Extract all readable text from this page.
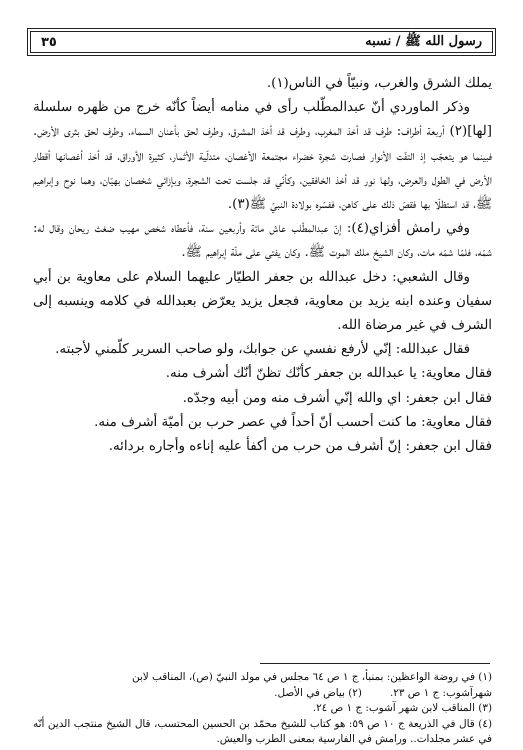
رسول الله ﷺ / نسبه
٣٥

يملك الشرق والغرب، ونبيّاً في الناس(١).

وذكر الماوردي أنّ عبدالمطّلب رأى في منامه أيضاً كأنّه خرج من ظهره سلسلة [لها](٢) أربعة أطراف: طرف قد أخذ المغرب، وطرف قد أخذ المشرق، وطرف لحق بأعنان السماء، وطرف لحق بثرى الأرض. فبينما هو يتعجّب إذ التفّت الأنوار فصارت شجرة خضراء مجتمعة الأغصان، متدلّية الأثمار، كثيرة الأوراق، قد أخذ أغصانها أقطار الأرض في الطول والعرض، ولها نور قد أخذ الخافقين، وكأنّي قد جلست تحت الشجرة، وبإزائي شخصان بهيّان، وهما نوح وإبراهيم ﷺ، قد استظلّا بها فقصّ ذلك على كاهن، ففسّره بولادة النبيّ ﷺ(٣).

وفي رامش أفزاي(٤): إنّ عبدالمطّلب عاش مائة وأربعين سنة، فأعطاه شخص مهيب ضغث ريحان وقال له: شمّه، فلمّا شمّه مات، وكان الشيخ ملك الموت ﷺ. وكان يفتي على ملّة إبراهيم ﷺ.

وقال الشعبي: دخل عبدالله بن جعفر الطيّار عليهما السلام على معاوية بن أبي سفيان وعنده ابنه يزيد بن معاوية، فجعل يزيد يعرّض بعبدالله في كلامه وينسبه إلى الشرف في غير مرضاة الله.

فقال عبدالله: إنّي لأرفع نفسي عن جوابك، ولو صاحب السرير كلّمني لأجبته.

فقال معاوية: يا عبدالله بن جعفر كأنّك تظنّ أنّك أشرف منه.

فقال ابن جعفر: اي والله إنّي أشرف منه ومن أبيه وجدّه.

فقال معاوية: ما كنت أحسب أنّ أحداً في عصر حرب بن أميّة أشرف منه.

فقال ابن جعفر: إنّ أشرف من حرب من أكفأ عليه إناءه وأجاره بردائه.

(١) في روضة الواعظين: بمنبأ، ج ١ ص ٦٤ مجلس في مولد النبيّ (ص)، المناقب لابن

شهرآشوب: ج ١ ص ٢٣.(٢) بياض في الأصل.

(٣) المناقب لابن شهر آشوب: ج ١ ص ٢٤.

(٤) قال في الذريعة ج ١٠ ص ٥٩: هو كتاب للشيخ محمّد بن الحسين المحتسب، قال الشيخ منتجب الدين أنّه في عشر مجلدات.. ورامش في الفارسية بمعنى الطرب والعيش.
